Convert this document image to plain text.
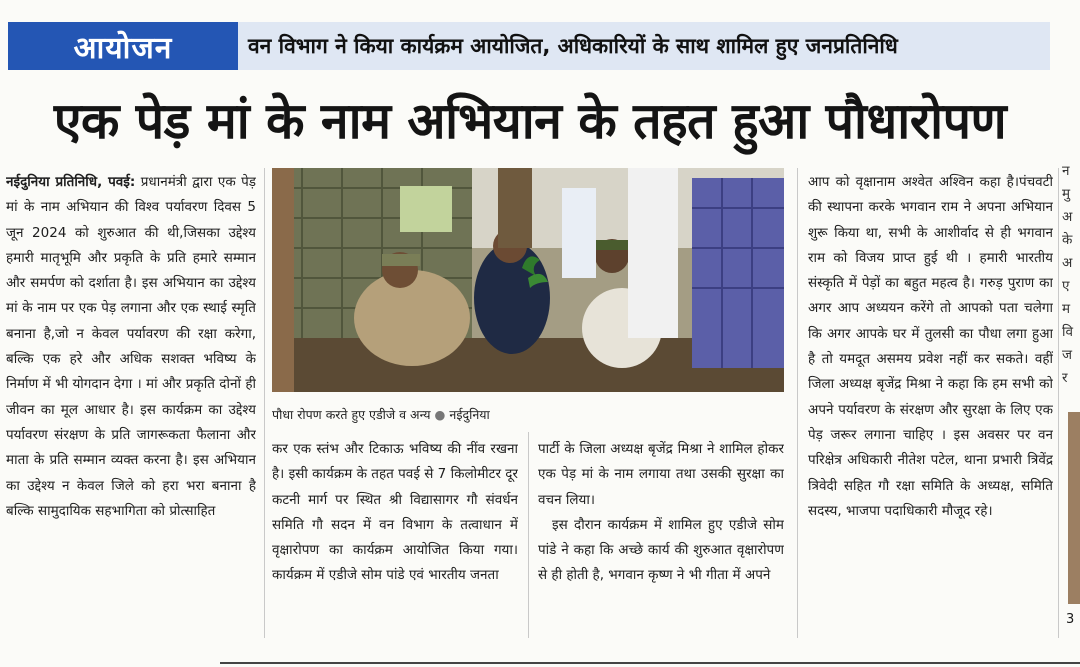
आयोजन	वन विभाग ने किया कार्यक्रम आयोजित, अधिकारियों के साथ शामिल हुए जनप्रतिनिधि
एक पेड़ मां के नाम अभियान के तहत हुआ पौधारोपण

नईदुनिया प्रतिनिधि, पवई: प्रधानमंत्री द्वारा एक पेड़ मां के नाम अभियान की विश्व पर्यावरण दिवस 5 जून 2024 को शुरुआत की थी,जिसका उद्देश्य हमारी मातृभूमि और प्रकृति के प्रति हमारे सम्मान और समर्पण को दर्शाता है। इस अभियान का उद्देश्य मां के नाम पर एक पेड़ लगाना और एक स्थाई स्मृति बनाना है,जो न केवल पर्यावरण की रक्षा करेगा, बल्कि एक हरे और अधिक सशक्त भविष्य के निर्माण में भी योगदान देगा । मां और प्रकृति दोनों ही जीवन का मूल आधार है। इस कार्यक्रम का उद्देश्य पर्यावरण संरक्षण के प्रति जागरूकता फैलाना और माता के प्रति सम्मान व्यक्त करना है। इस अभियान का उद्देश्य न केवल जिले को हरा भरा बनाना है बल्कि सामुदायिक सहभागिता को प्रोत्साहित

पौधा रोपण करते हुए एडीजे व अन्य ● नईदुनिया

कर एक स्तंभ और टिकाऊ भविष्य की नींव रखना है। इसी कार्यक्रम के तहत पवई से 7 किलोमीटर दूर कटनी मार्ग पर स्थित श्री विद्यासागर गौ संवर्धन समिति गौ सदन में वन विभाग के तत्वाधान में वृक्षारोपण का कार्यक्रम आयोजित किया गया। कार्यक्रम में एडीजे सोम पांडे एवं भारतीय जनता

पार्टी के जिला अध्यक्ष बृजेंद्र मिश्रा ने शामिल होकर एक पेड़ मां के नाम लगाया तथा उसकी सुरक्षा का वचन लिया।

इस दौरान कार्यक्रम में शामिल हुए एडीजे सोम पांडे ने कहा कि अच्छे कार्य की शुरुआत वृक्षारोपण से ही होती है, भगवान कृष्ण ने भी गीता में अपने

आप को वृक्षानाम अश्वेत अश्विन कहा है।पंचवटी की स्थापना करके भगवान राम ने अपना अभियान शुरू किया था, सभी के आशीर्वाद से ही भगवान राम को विजय प्राप्त हुई थी । हमारी भारतीय संस्कृति में पेड़ों का बहुत महत्व है। गरुड़ पुराण का अगर आप अध्ययन करेंगे तो आपको पता चलेगा कि अगर आपके घर में तुलसी का पौधा लगा हुआ है तो यमदूत असमय प्रवेश नहीं कर सकते। वहीं जिला अध्यक्ष बृजेंद्र मिश्रा ने कहा कि हम सभी को अपने पर्यावरण के संरक्षण और सुरक्षा के लिए एक पेड़ जरूर लगाना चाहिए । इस अवसर पर वन परिक्षेत्र अधिकारी नीतेश पटेल, थाना प्रभारी त्रिवेंद्र त्रिवेदी सहित गौ रक्षा समिति के अध्यक्ष, समिति सदस्य, भाजपा पदाधिकारी मौजूद रहे।

न मु अ के अ ए म वि ज र
3
